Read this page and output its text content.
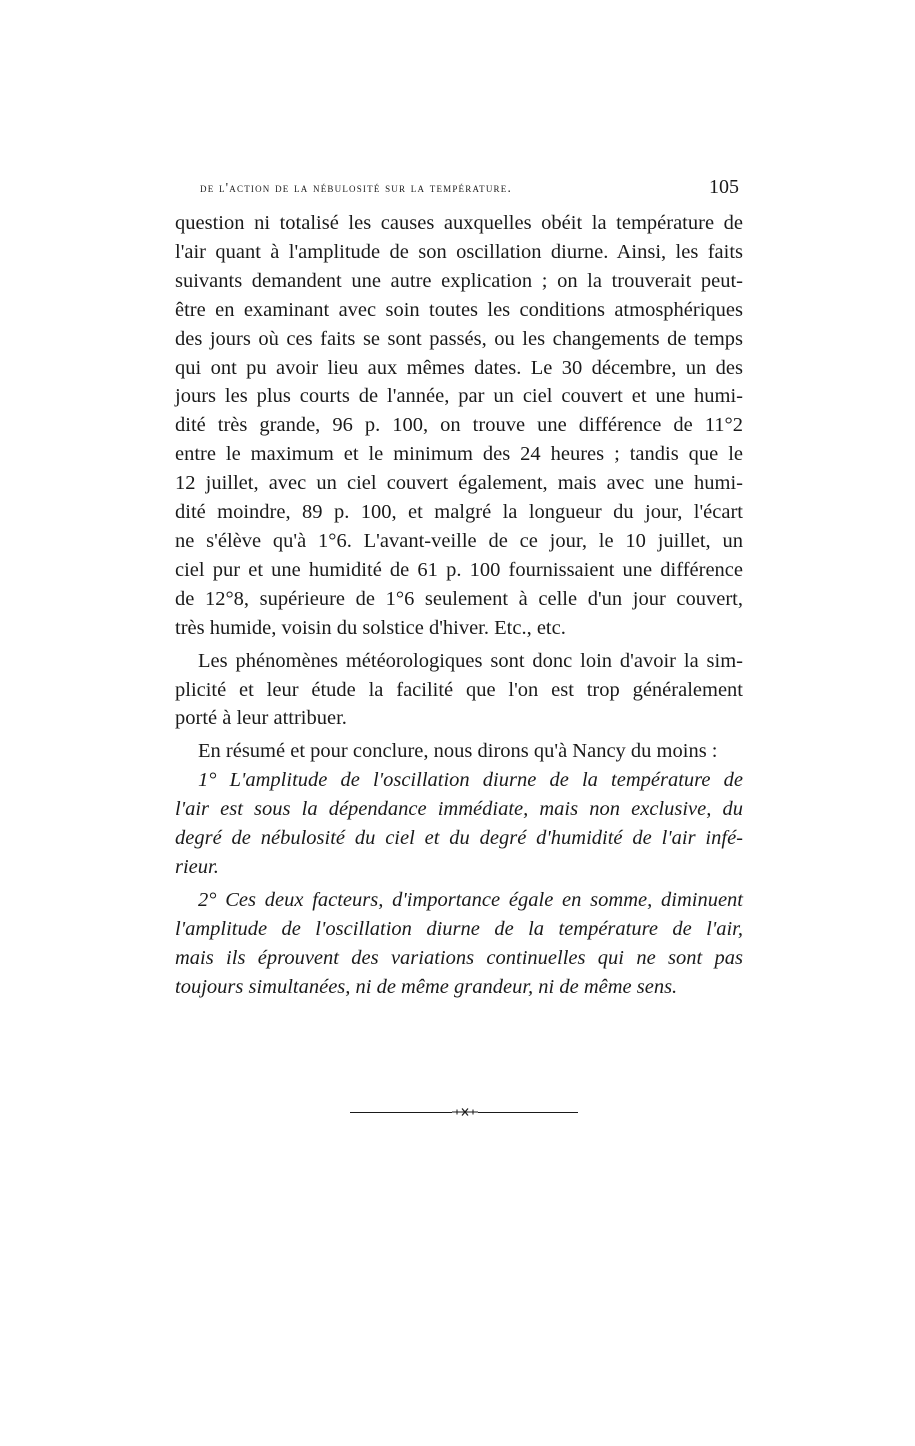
de l'action de la nébulosité sur la température.	105

question ni totalisé les causes auxquelles obéit la température de
l'air quant à l'amplitude de son oscillation diurne. Ainsi, les faits
suivants demandent une autre explication ; on la trouverait peut-
être en examinant avec soin toutes les conditions atmosphériques
des jours où ces faits se sont passés, ou les changements de temps
qui ont pu avoir lieu aux mêmes dates. Le 30 décembre, un des
jours les plus courts de l'année, par un ciel couvert et une humi-
dité très grande, 96 p. 100, on trouve une différence de 11°2
entre le maximum et le minimum des 24 heures ; tandis que le
12 juillet, avec un ciel couvert également, mais avec une humi-
dité moindre, 89 p. 100, et malgré la longueur du jour, l'écart
ne s'élève qu'à 1°6. L'avant-veille de ce jour, le 10 juillet, un
ciel pur et une humidité de 61 p. 100 fournissaient une différence
de 12°8, supérieure de 1°6 seulement à celle d'un jour couvert,
très humide, voisin du solstice d'hiver. Etc., etc.

Les phénomènes météorologiques sont donc loin d'avoir la sim-
plicité et leur étude la facilité que l'on est trop généralement
porté à leur attribuer.

En résumé et pour conclure, nous dirons qu'à Nancy du moins :

1° L'amplitude de l'oscillation diurne de la température de
l'air est sous la dépendance immédiate, mais non exclusive, du
degré de nébulosité du ciel et du degré d'humidité de l'air infé-
rieur.

2° Ces deux facteurs, d'importance égale en somme, diminuent
l'amplitude de l'oscillation diurne de la température de l'air,
mais ils éprouvent des variations continuelles qui ne sont pas
toujours simultanées, ni de même grandeur, ni de même sens.
